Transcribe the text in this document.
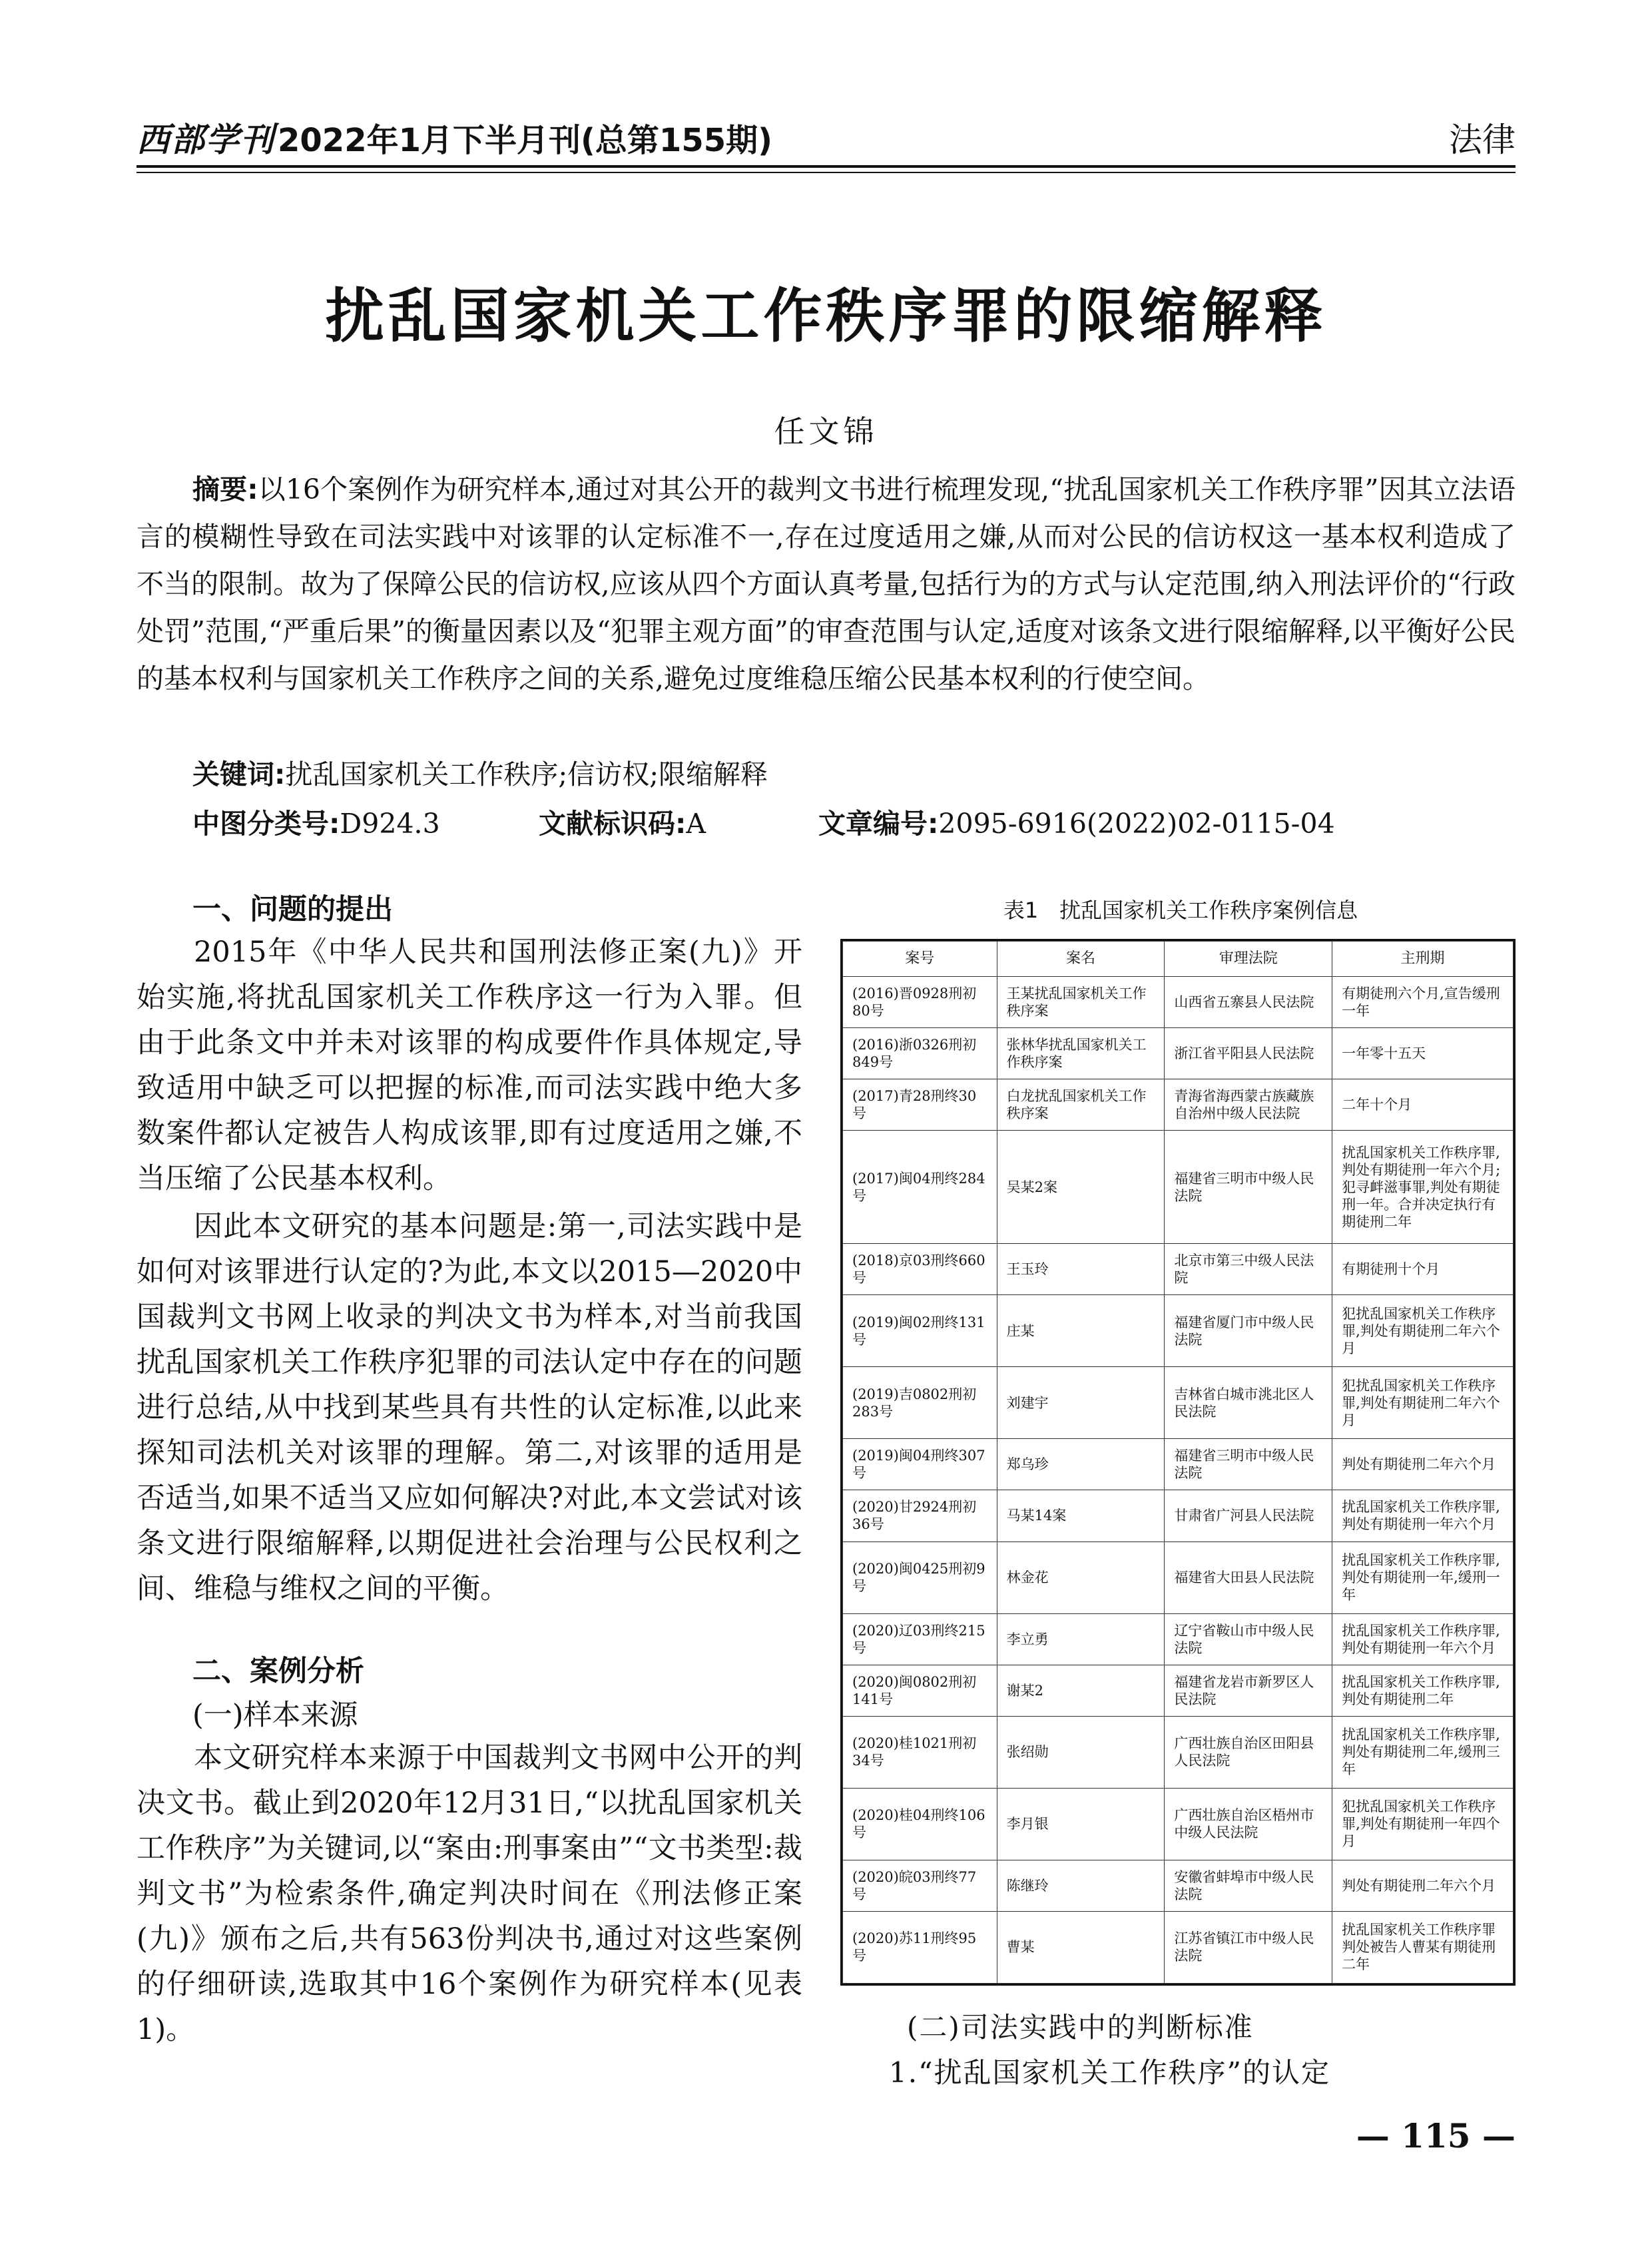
西部学刊 2022年1月下半月刊(总第155期)	法律
扰乱国家机关工作秩序罪的限缩解释
任文锦
摘要:以16个案例作为研究样本,通过对其公开的裁判文书进行梳理发现,“扰乱国家机关工作秩序罪”因其立法语言的模糊性导致在司法实践中对该罪的认定标准不一,存在过度适用之嫌,从而对公民的信访权这一基本权利造成了不当的限制。故为了保障公民的信访权,应该从四个方面认真考量,包括行为的方式与认定范围,纳入刑法评价的“行政处罚”范围,“严重后果”的衡量因素以及“犯罪主观方面”的审查范围与认定,适度对该条文进行限缩解释,以平衡好公民的基本权利与国家机关工作秩序之间的关系,避免过度维稳压缩公民基本权利的行使空间。
关键词:扰乱国家机关工作秩序;信访权;限缩解释
中图分类号:D924.3	文献标识码:A	文章编号:2095-6916(2022)02-0115-04
一、问题的提出
2015年《中华人民共和国刑法修正案(九)》开始实施,将扰乱国家机关工作秩序这一行为入罪。但由于此条文中并未对该罪的构成要件作具体规定,导致适用中缺乏可以把握的标准,而司法实践中绝大多数案件都认定被告人构成该罪,即有过度适用之嫌,不当压缩了公民基本权利。
因此本文研究的基本问题是:第一,司法实践中是如何对该罪进行认定的?为此,本文以2015—2020中国裁判文书网上收录的判决文书为样本,对当前我国扰乱国家机关工作秩序犯罪的司法认定中存在的问题进行总结,从中找到某些具有共性的认定标准,以此来探知司法机关对该罪的理解。第二,对该罪的适用是否适当,如果不适当又应如何解决?对此,本文尝试对该条文进行限缩解释,以期促进社会治理与公民权利之间、维稳与维权之间的平衡。
二、案例分析
(一)样本来源
本文研究样本来源于中国裁判文书网中公开的判决文书。截止到2020年12月31日,“以扰乱国家机关工作秩序”为关键词,以“案由:刑事案由”“文书类型:裁判文书”为检索条件,确定判决时间在《刑法修正案(九)》颁布之后,共有563份判决书,通过对这些案例的仔细研读,选取其中16个案例作为研究样本(见表1)。
表1　扰乱国家机关工作秩序案例信息
案号	案名	审理法院	主刑期
(2016)晋0928刑初80号	王某扰乱国家机关工作秩序案	山西省五寨县人民法院	有期徒刑六个月,宣告缓刑一年
(2016)浙0326刑初849号	张林华扰乱国家机关工作秩序案	浙江省平阳县人民法院	一年零十五天
(2017)青28刑终30号	白龙扰乱国家机关工作秩序案	青海省海西蒙古族藏族自治州中级人民法院	二年十个月
(2017)闽04刑终284号	吴某2案	福建省三明市中级人民法院	扰乱国家机关工作秩序罪,判处有期徒刑一年六个月;犯寻衅滋事罪,判处有期徒刑一年。合并决定执行有期徒刑二年
(2018)京03刑终660号	王玉玲	北京市第三中级人民法院	有期徒刑十个月
(2019)闽02刑终131号	庄某	福建省厦门市中级人民法院	犯扰乱国家机关工作秩序罪,判处有期徒刑二年六个月
(2019)吉0802刑初283号	刘建宇	吉林省白城市洮北区人民法院	犯扰乱国家机关工作秩序罪,判处有期徒刑二年六个月
(2019)闽04刑终307号	郑乌珍	福建省三明市中级人民法院	判处有期徒刑二年六个月
(2020)甘2924刑初36号	马某14案	甘肃省广河县人民法院	扰乱国家机关工作秩序罪,判处有期徒刑一年六个月
(2020)闽0425刑初9号	林金花	福建省大田县人民法院	扰乱国家机关工作秩序罪,判处有期徒刑一年,缓刑一年
(2020)辽03刑终215号	李立勇	辽宁省鞍山市中级人民法院	扰乱国家机关工作秩序罪,判处有期徒刑一年六个月
(2020)闽0802刑初141号	谢某2	福建省龙岩市新罗区人民法院	扰乱国家机关工作秩序罪,判处有期徒刑二年
(2020)桂1021刑初34号	张绍勋	广西壮族自治区田阳县人民法院	扰乱国家机关工作秩序罪,判处有期徒刑二年,缓刑三年
(2020)桂04刑终106号	李月银	广西壮族自治区梧州市中级人民法院	犯扰乱国家机关工作秩序罪,判处有期徒刑一年四个月
(2020)皖03刑终77号	陈继玲	安徽省蚌埠市中级人民法院	判处有期徒刑二年六个月
(2020)苏11刑终95号	曹某	江苏省镇江市中级人民法院	扰乱国家机关工作秩序罪判处被告人曹某有期徒刑二年
(二)司法实践中的判断标准
1.“扰乱国家机关工作秩序”的认定
— 115 —
